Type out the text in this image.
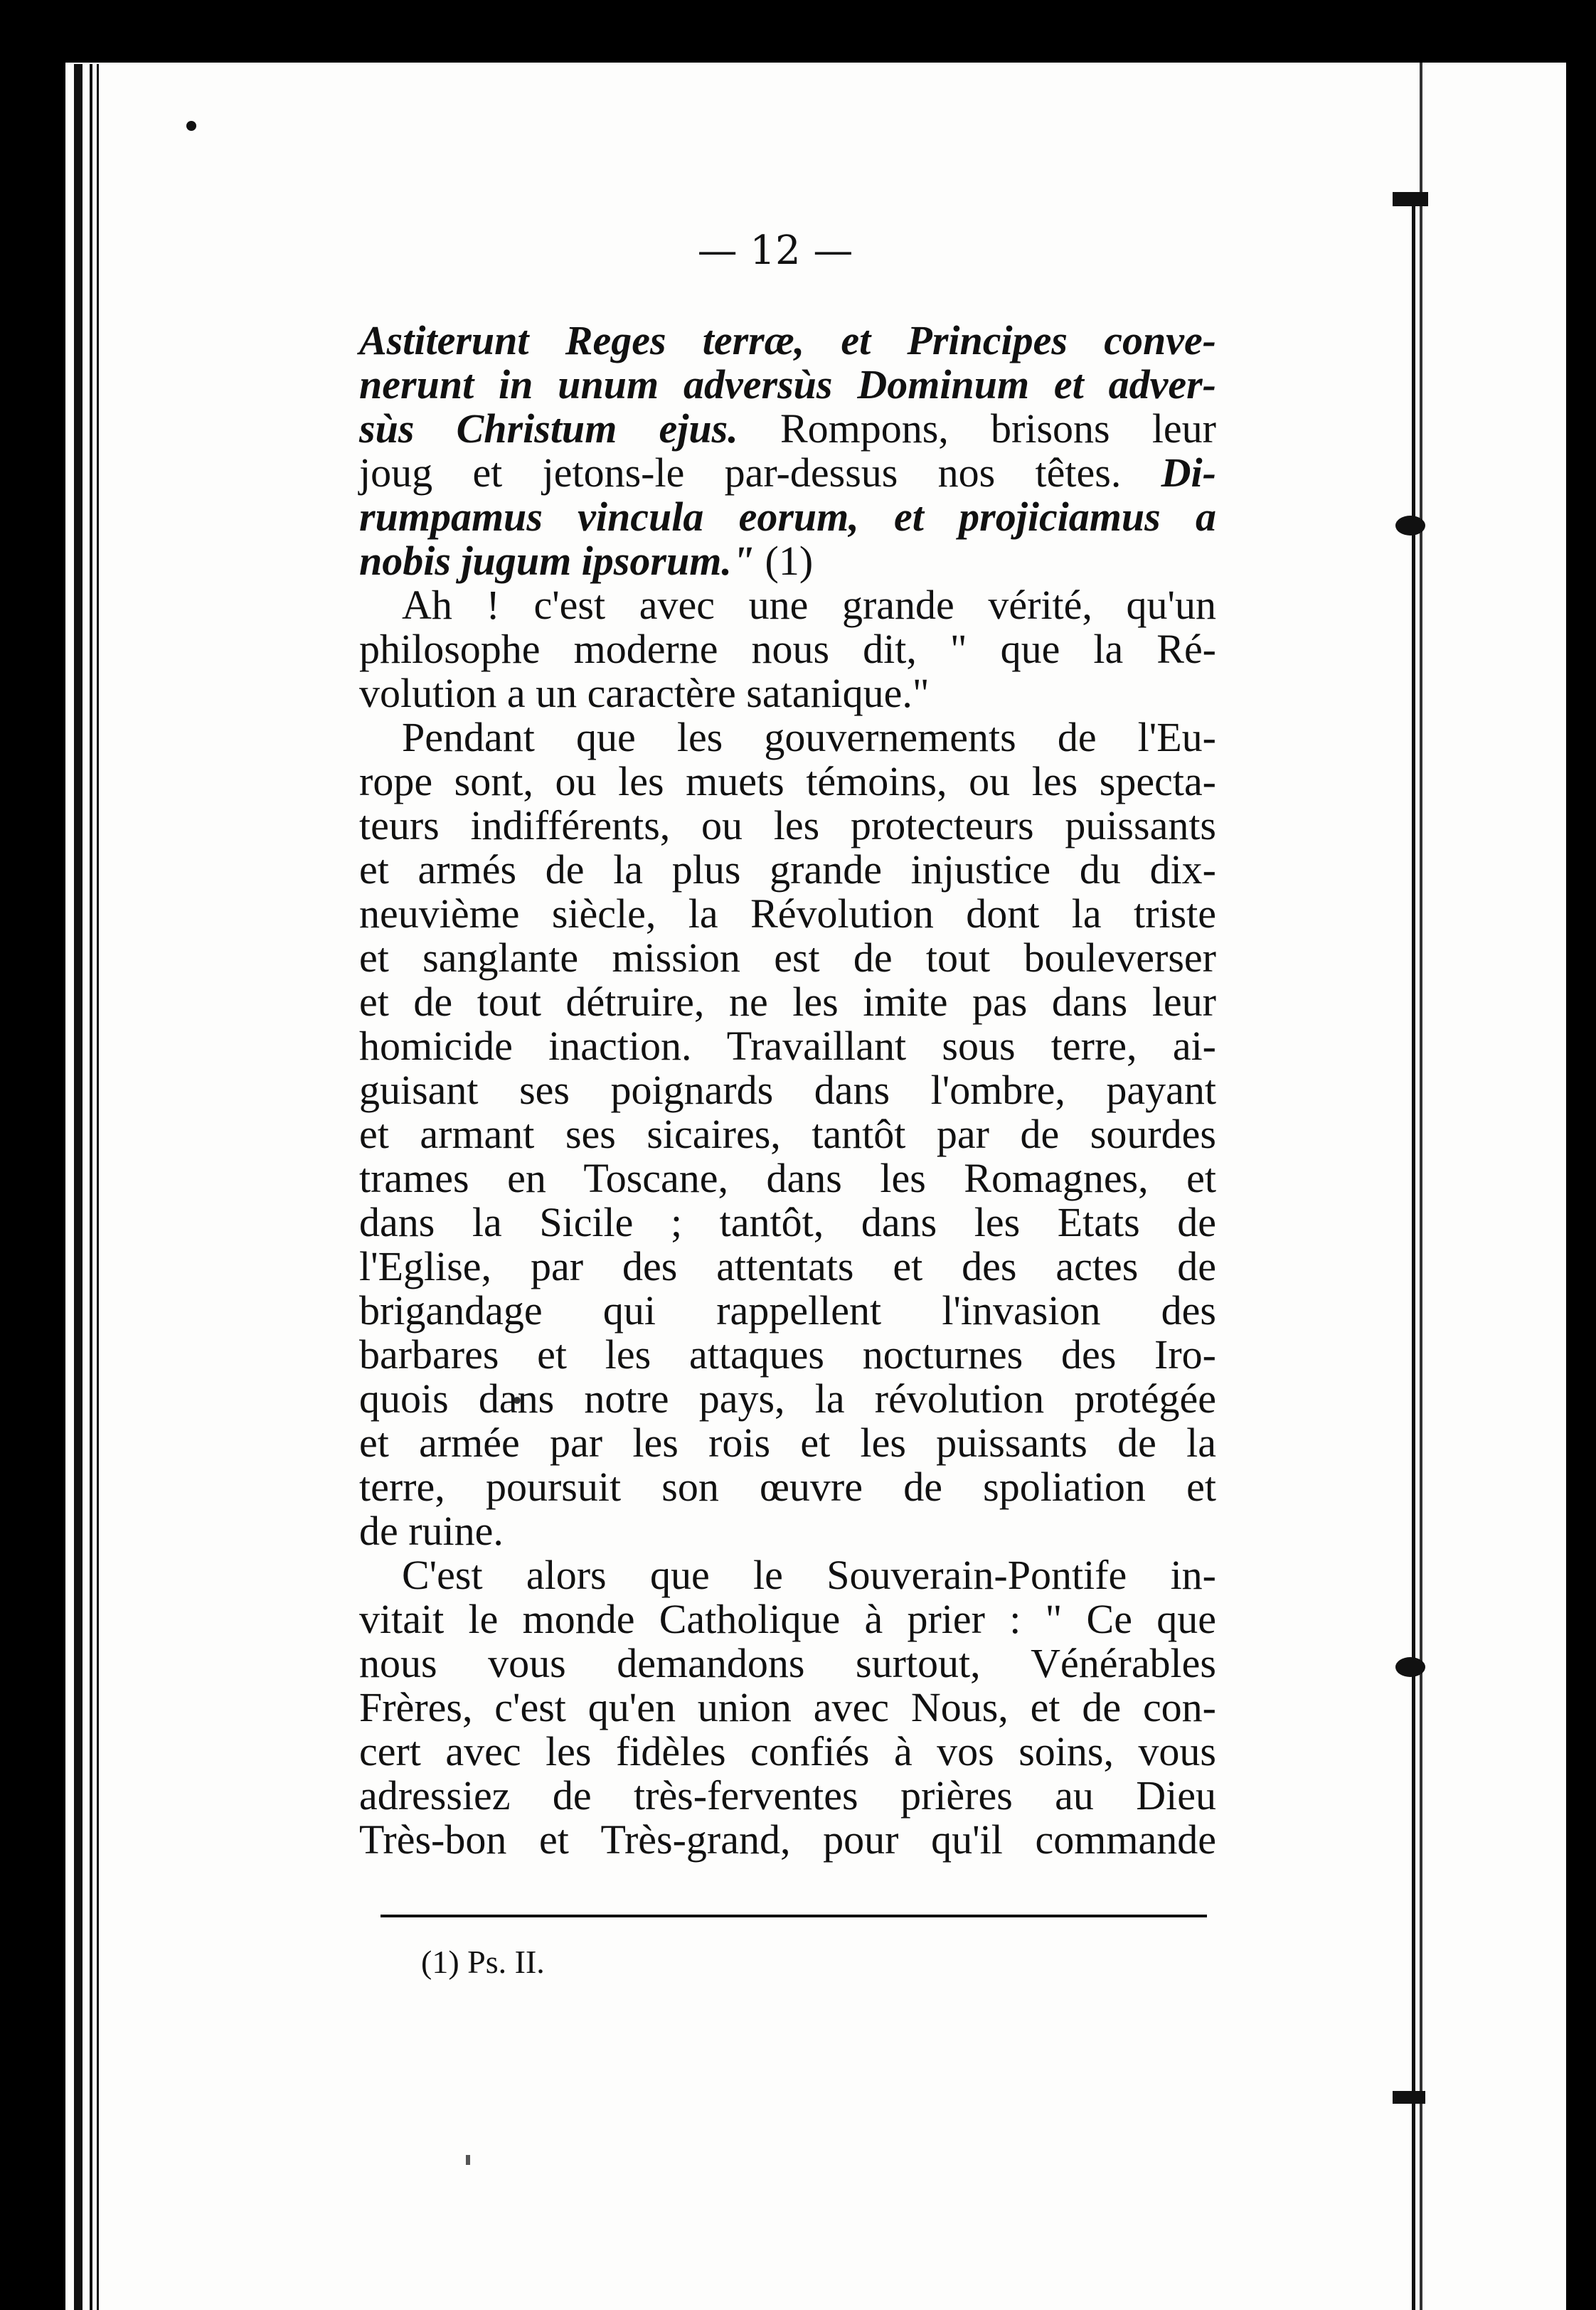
— 12 —
Astiterunt Reges terræ, et Principes conve-
nerunt in unum adversùs Dominum et adver-
sùs Christum ejus. Rompons, brisons leur
joug et jetons-le par-dessus nos têtes. Di-
rumpamus vincula eorum, et projiciamus a
nobis jugum ipsorum." (1)
Ah ! c'est avec une grande vérité, qu'un
philosophe moderne nous dit, " que la Ré-
volution a un caractère satanique."
Pendant que les gouvernements de l'Eu-
rope sont, ou les muets témoins, ou les specta-
teurs indifférents, ou les protecteurs puissants
et armés de la plus grande injustice du dix-
neuvième siècle, la Révolution dont la triste
et sanglante mission est de tout bouleverser
et de tout détruire, ne les imite pas dans leur
homicide inaction. Travaillant sous terre, ai-
guisant ses poignards dans l'ombre, payant
et armant ses sicaires, tantôt par de sourdes
trames en Toscane, dans les Romagnes, et
dans la Sicile ; tantôt, dans les Etats de
l'Eglise, par des attentats et des actes de
brigandage qui rappellent l'invasion des
barbares et les attaques nocturnes des Iro-
quois dans notre pays, la révolution protégée
et armée par les rois et les puissants de la
terre, poursuit son œuvre de spoliation et
de ruine.
C'est alors que le Souverain-Pontife in-
vitait le monde Catholique à prier : " Ce que
nous vous demandons surtout, Vénérables
Frères, c'est qu'en union avec Nous, et de con-
cert avec les fidèles confiés à vos soins, vous
adressiez de très-ferventes prières au Dieu
Très-bon et Très-grand, pour qu'il commande
(1) Ps. II.
